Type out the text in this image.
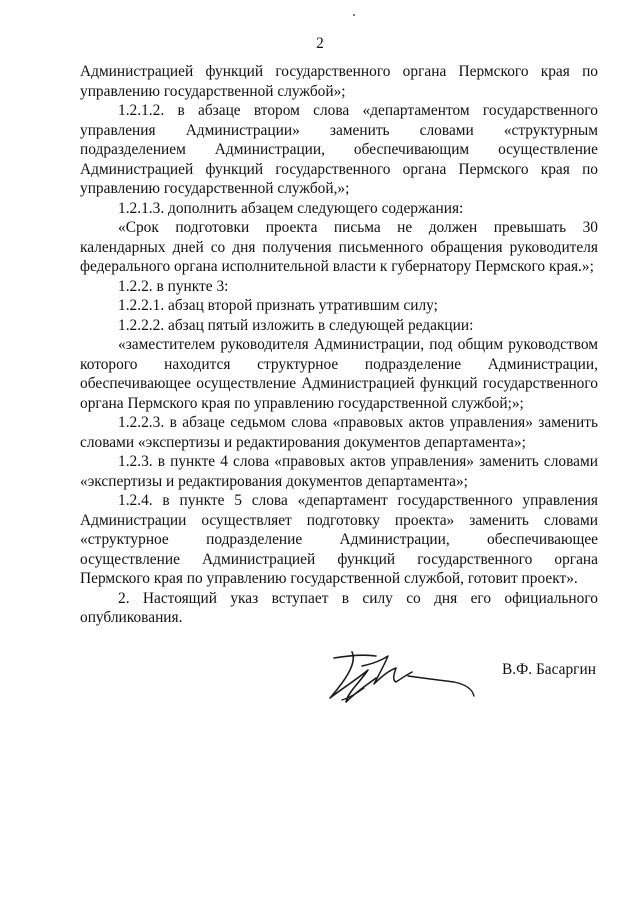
2

Администрацией функций государственного органа Пермского края по управлению государственной службой»;

1.2.1.2. в абзаце втором слова «департаментом государственного управления Администрации» заменить словами «структурным подразделением Администрации, обеспечивающим осуществление Администрацией функций государственного органа Пермского края по управлению государственной службой,»;

1.2.1.3. дополнить абзацем следующего содержания:

«Срок подготовки проекта письма не должен превышать 30 календарных дней со дня получения письменного обращения руководителя федерального органа исполнительной власти к губернатору Пермского края.»;

1.2.2. в пункте 3:

1.2.2.1. абзац второй признать утратившим силу;

1.2.2.2. абзац пятый изложить в следующей редакции:

«заместителем руководителя Администрации, под общим руководством которого находится структурное подразделение Администрации, обеспечивающее осуществление Администрацией функций государственного органа Пермского края по управлению государственной службой;»;

1.2.2.3. в абзаце седьмом слова «правовых актов управления» заменить словами «экспертизы и редактирования документов департамента»;

1.2.3. в пункте 4 слова «правовых актов управления» заменить словами «экспертизы и редактирования документов департамента»;

1.2.4. в пункте 5 слова «департамент государственного управления Администрации осуществляет подготовку проекта» заменить словами «структурное подразделение Администрации, обеспечивающее осуществление Администрацией функций государственного органа Пермского края по управлению государственной службой, готовит проект».

2. Настоящий указ вступает в силу со дня его официального опубликования.

В.Ф. Басаргин
